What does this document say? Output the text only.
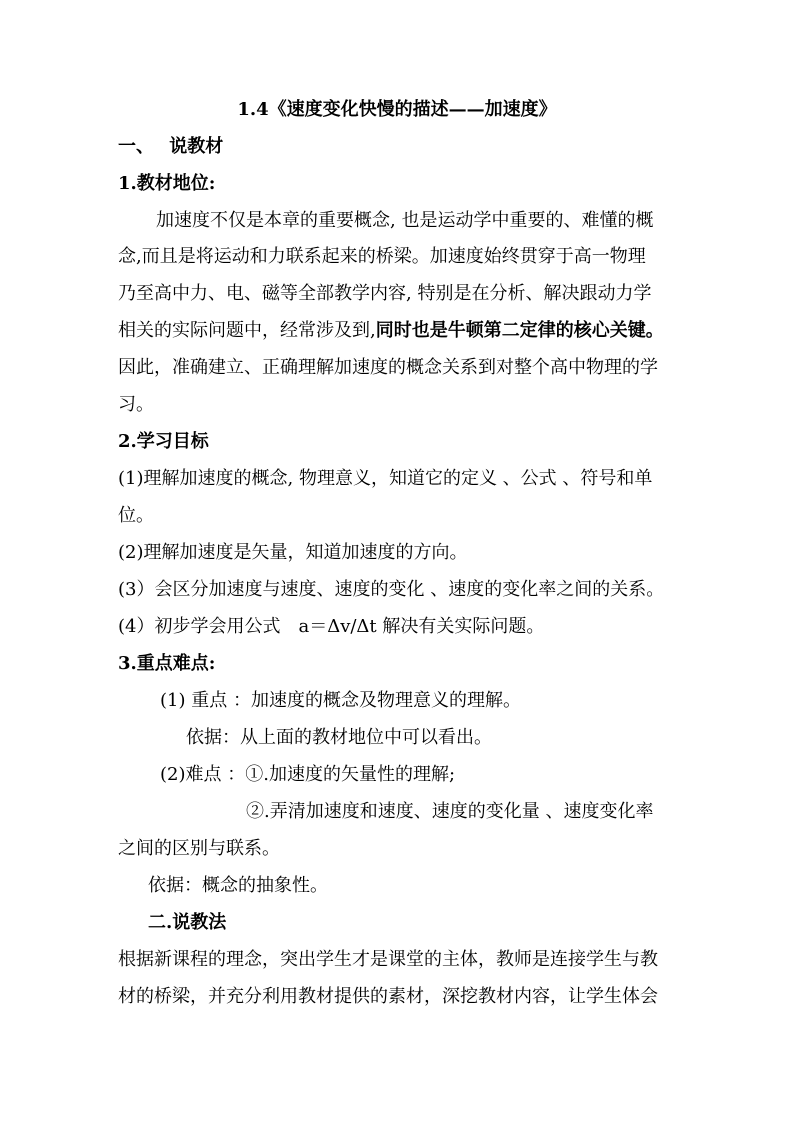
1.4《速度变化快慢的描述——加速度》
一、　 说教材
1.教材地位:
加速度不仅是本章的重要概念, 也是运动学中重要的、难懂的概
念,而且是将运动和力联系起来的桥梁。加速度始终贯穿于高一物理
乃至高中力、电、磁等全部教学内容, 特别是在分析、解决跟动力学
相关的实际问题中，经常涉及到,同时也是牛顿第二定律的核心关键。
因此，准确建立、正确理解加速度的概念关系到对整个高中物理的学
习。
2.学习目标
(1)理解加速度的概念, 物理意义，知道它的定义 、公式 、符号和单
位。
(2)理解加速度是矢量，知道加速度的方向。
(3）会区分加速度与速度、速度的变化 、速度的变化率之间的关系。
(4）初步学会用公式　a＝Δv/Δt 解决有关实际问题。
3.重点难点:
(1) 重点 ：加速度的概念及物理意义的理解。
依据：从上面的教材地位中可以看出。
(2)难点 ：①.加速度的矢量性的理解;
②.弄清加速度和速度、速度的变化量 、速度变化率
之间的区别与联系。
依据：概念的抽象性。
二.说教法
根据新课程的理念，突出学生才是课堂的主体，教师是连接学生与教
材的桥梁，并充分利用教材提供的素材，深挖教材内容，让学生体会
